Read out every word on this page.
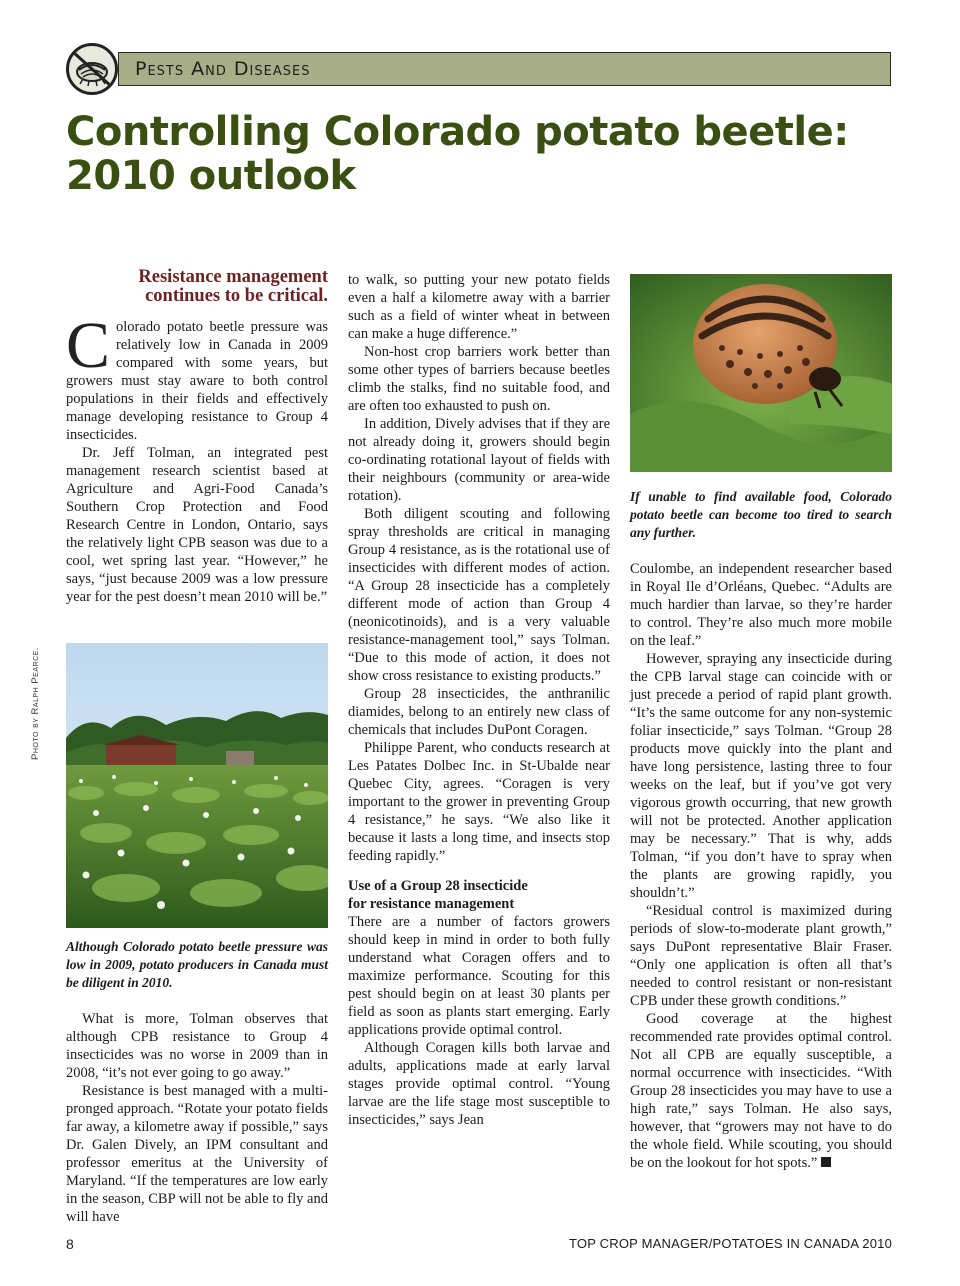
Pests And Diseases
Controlling Colorado potato beetle:
2010 outlook
Resistance management
continues to be critical.

Colorado potato beetle pressure was relatively low in Canada in 2009 compared with some years, but growers must stay aware to both control populations in their fields and effectively manage developing resistance to Group 4 insecticides.

Dr. Jeff Tolman, an integrated pest management research scientist based at Agriculture and Agri-Food Canada’s Southern Crop Protection and Food Research Centre in London, Ontario, says the relatively light CPB season was due to a cool, wet spring last year. “However,” he says, “just because 2009 was a low pressure year for the pest doesn’t mean 2010 will be.”

Photo by Ralph Pearce.
Although Colorado potato beetle pressure was low in 2009, potato producers in Canada must be diligent in 2010.

What is more, Tolman observes that although CPB resistance to Group 4 insecticides was no worse in 2009 than in 2008, “it’s not ever going to go away.”

Resistance is best managed with a multi-pronged approach. “Rotate your potato fields far away, a kilometre away if possible,” says Dr. Galen Dively, an IPM consultant and professor emeritus at the University of Maryland. “If the temperatures are low early in the season, CBP will not be able to fly and will have

to walk, so putting your new potato fields even a half a kilometre away with a barrier such as a field of winter wheat in between can make a huge difference.”

Non-host crop barriers work better than some other types of barriers because beetles climb the stalks, find no suitable food, and are often too exhausted to push on.

In addition, Dively advises that if they are not already doing it, growers should begin co-ordinating rotational layout of fields with their neighbours (community or area-wide rotation).

Both diligent scouting and following spray thresholds are critical in managing Group 4 resistance, as is the rotational use of insecticides with different modes of action. “A Group 28 insecticide has a completely different mode of action than Group 4 (neonicotinoids), and is a very valuable resistance-management tool,” says Tolman. “Due to this mode of action, it does not show cross resistance to existing products.”

Group 28 insecticides, the anthranilic diamides, belong to an entirely new class of chemicals that includes DuPont Coragen.

Philippe Parent, who conducts research at Les Patates Dolbec Inc. in St-Ubalde near Quebec City, agrees. “Coragen is very important to the grower in preventing Group 4 resistance,” he says. “We also like it because it lasts a long time, and insects stop feeding rapidly.”

Use of a Group 28 insecticide
for resistance management

There are a number of factors growers should keep in mind in order to both fully understand what Coragen offers and to maximize performance. Scouting for this pest should begin on at least 30 plants per field as soon as plants start emerging. Early applications provide optimal control.

Although Coragen kills both larvae and adults, applications made at early larval stages provide optimal control. “Young larvae are the life stage most susceptible to insecticides,” says Jean

If unable to find available food, Colorado potato beetle can become too tired to search any further.

Coulombe, an independent researcher based in Royal Ile d’Orléans, Quebec. “Adults are much hardier than larvae, so they’re harder to control. They’re also much more mobile on the leaf.”

However, spraying any insecticide during the CPB larval stage can coincide with or just precede a period of rapid plant growth. “It’s the same outcome for any non-systemic foliar insecticide,” says Tolman. “Group 28 products move quickly into the plant and have long persistence, lasting three to four weeks on the leaf, but if you’ve got very vigorous growth occurring, that new growth will not be protected. Another application may be necessary.” That is why, adds Tolman, “if you don’t have to spray when the plants are growing rapidly, you shouldn’t.”

“Residual control is maximized during periods of slow-to-moderate plant growth,” says DuPont representative Blair Fraser. “Only one application is often all that’s needed to control resistant or non-resistant CPB under these growth conditions.”

Good coverage at the highest recommended rate provides optimal control. Not all CPB are equally susceptible, a normal occurrence with insecticides. “With Group 28 insecticides you may have to use a high rate,” says Tolman. He also says, however, that “growers may not have to do the whole field. While scouting, you should be on the lookout for hot spots.”

8	TOP CROP MANAGER/POTATOES IN CANADA 2010
